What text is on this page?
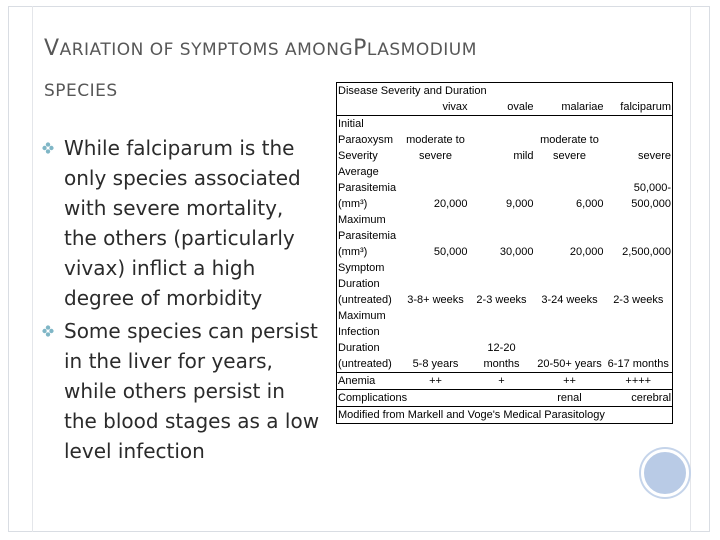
VARIATION OF SYMPTOMS AMONGPLASMODIUM
SPECIES
While falciparum is the only species associated with severe mortality, the others (particularly vivax) inflict a high degree of morbidity
Some species can persist in the liver for years, while others persist in the blood stages as a low level infection
Disease Severity and Duration				
	vivax	ovale	malariae	falciparum
Initial Paraoxysm Severity	moderate to severe	mild	moderate to severe	severe
Average Parasitemia (mm³)	20,000	9,000	6,000	50,000-500,000
Maximum Parasitemia (mm³)	50,000	30,000	20,000	2,500,000
Symptom Duration (untreated)	3-8+ weeks	2-3 weeks	3-24 weeks	2-3 weeks
Maximum Infection Duration (untreated)	5-8 years	12-20 months	20-50+ years	6-17 months
Anemia	++	+	++	++++
Complications			renal	cerebral
Modified from Markell and Voge's Medical Parasitology				
